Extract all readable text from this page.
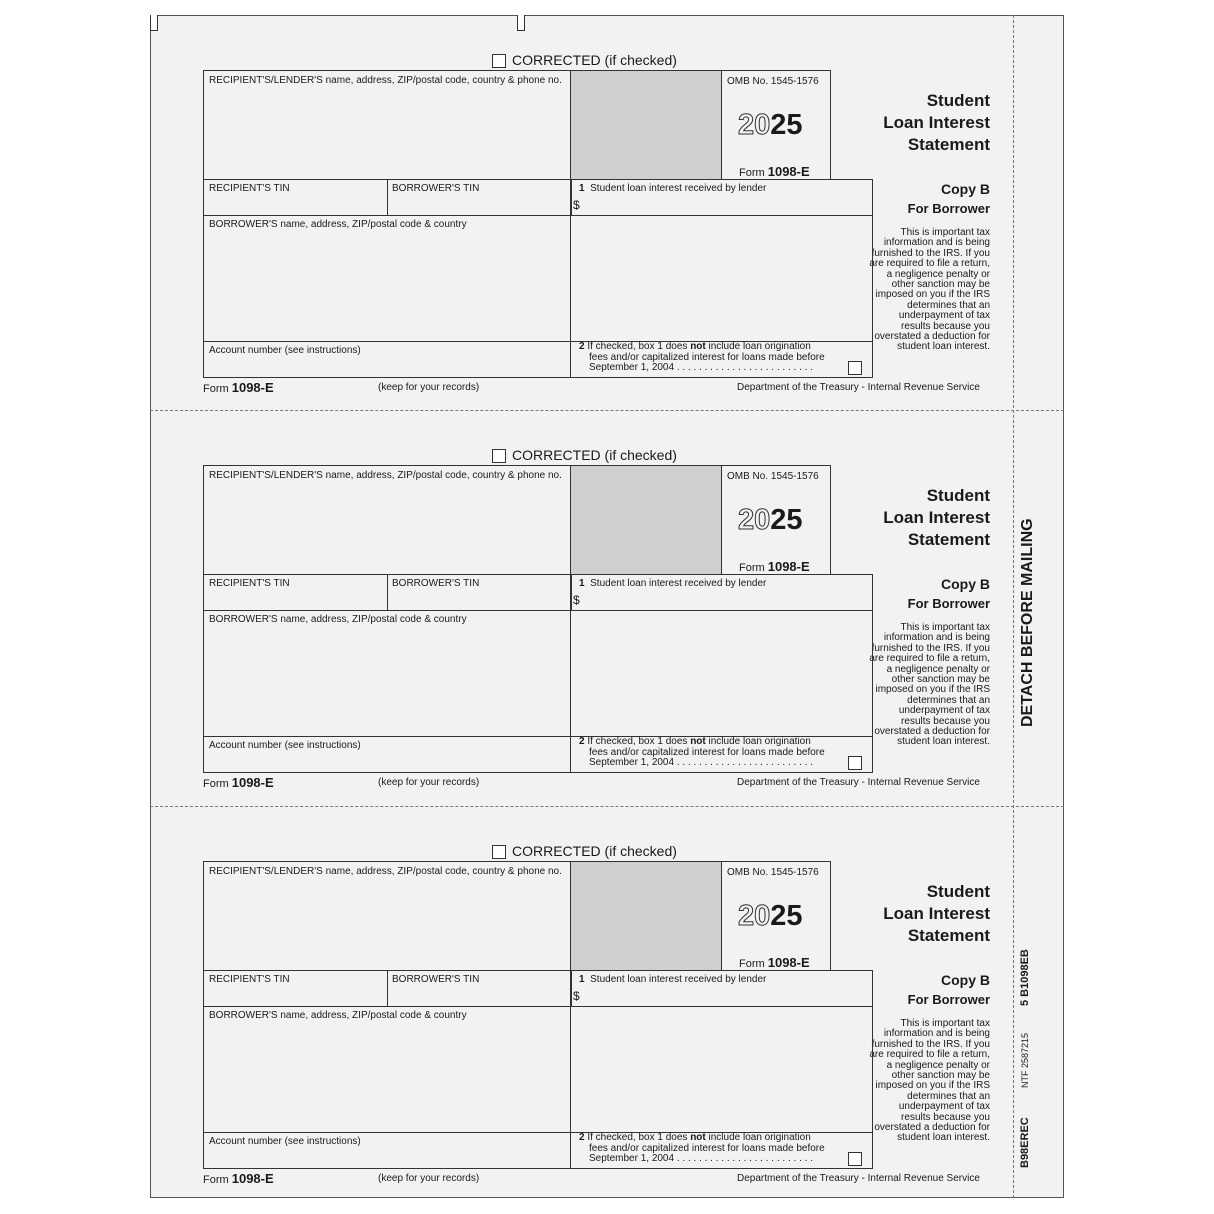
CORRECTED (if checked)
RECIPIENT'S/LENDER'S name, address, ZIP/postal code, country & phone no.	OMB No. 1545-1576
2025
Form 1098-E
Student
Loan Interest
Statement
RECIPIENT'S TIN	BORROWER'S TIN	1 Student loan interest received by lender
$
Copy B
For Borrower
This is important tax information and is being furnished to the IRS. If you are required to file a return, a negligence penalty or other sanction may be imposed on you if the IRS determines that an underpayment of tax results because you overstated a deduction for student loan interest.
BORROWER'S name, address, ZIP/postal code & country
Account number (see instructions)	2 If checked, box 1 does not include loan origination
fees and/or capitalized interest for loans made before
September 1, 2004 . . . . . . . . . . . . . . . . . . . . . . . . .
Form 1098-E	(keep for your records)	Department of the Treasury - Internal Revenue Service
CORRECTED (if checked)
RECIPIENT'S/LENDER'S name, address, ZIP/postal code, country & phone no.	OMB No. 1545-1576
2025
Form 1098-E
Student
Loan Interest
Statement
RECIPIENT'S TIN	BORROWER'S TIN	1 Student loan interest received by lender
$
Copy B
For Borrower
This is important tax information and is being furnished to the IRS. If you are required to file a return, a negligence penalty or other sanction may be imposed on you if the IRS determines that an underpayment of tax results because you overstated a deduction for student loan interest.
BORROWER'S name, address, ZIP/postal code & country
Account number (see instructions)	2 If checked, box 1 does not include loan origination
fees and/or capitalized interest for loans made before
September 1, 2004 . . . . . . . . . . . . . . . . . . . . . . . . .
Form 1098-E	(keep for your records)	Department of the Treasury - Internal Revenue Service
CORRECTED (if checked)
RECIPIENT'S/LENDER'S name, address, ZIP/postal code, country & phone no.	OMB No. 1545-1576
2025
Form 1098-E
Student
Loan Interest
Statement
RECIPIENT'S TIN	BORROWER'S TIN	1 Student loan interest received by lender
$
Copy B
For Borrower
This is important tax information and is being furnished to the IRS. If you are required to file a return, a negligence penalty or other sanction may be imposed on you if the IRS determines that an underpayment of tax results because you overstated a deduction for student loan interest.
BORROWER'S name, address, ZIP/postal code & country
Account number (see instructions)	2 If checked, box 1 does not include loan origination
fees and/or capitalized interest for loans made before
September 1, 2004 . . . . . . . . . . . . . . . . . . . . . . . . .
Form 1098-E	(keep for your records)	Department of the Treasury - Internal Revenue Service
DETACH BEFORE MAILING
5 B1098EB
NTF 2587215
B98EREC
